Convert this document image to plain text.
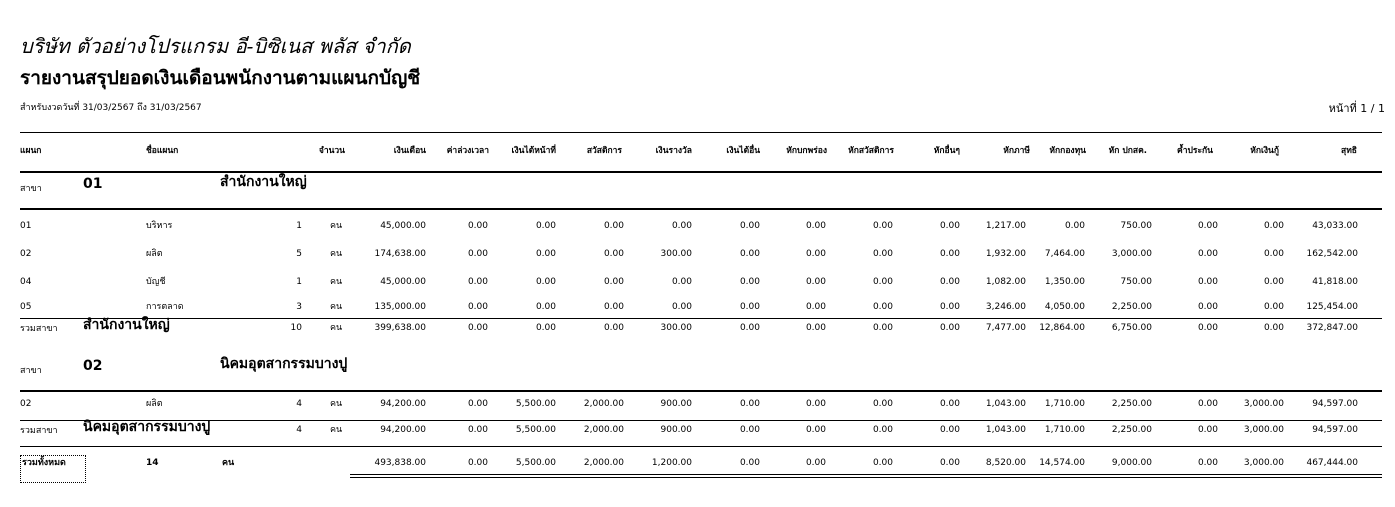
บริษัท ตัวอย่างโปรแกรม อี-บิซิเนส พลัส จำกัด
รายงานสรุปยอดเงินเดือนพนักงานตามแผนกบัญชี
สำหรับงวดวันที่ 31/03/2567 ถึง 31/03/2567	หน้าที่ 1 / 1
แผนก	ชื่อแผนก	จำนวน	เงินเดือน	ค่าล่วงเวลา	เงินได้หน้าที่	สวัสดิการ	เงินรางวัล	เงินได้อื่น	หักบกพร่อง	หักสวัสดิการ	หักอื่นๆ	หักภาษี	หักกองทุน	หัก ปกสค.	ค้ำประกัน	หักเงินกู้	สุทธิ
สาขา	01	สำนักงานใหญ่
01	บริหาร	1	คน	45,000.00	0.00	0.00	0.00	0.00	0.00	0.00	0.00	0.00	1,217.00	0.00	750.00	0.00	0.00	43,033.00
02	ผลิต	5	คน	174,638.00	0.00	0.00	0.00	300.00	0.00	0.00	0.00	0.00	1,932.00	7,464.00	3,000.00	0.00	0.00	162,542.00
04	บัญชี	1	คน	45,000.00	0.00	0.00	0.00	0.00	0.00	0.00	0.00	0.00	1,082.00	1,350.00	750.00	0.00	0.00	41,818.00
05	การตลาด	3	คน	135,000.00	0.00	0.00	0.00	0.00	0.00	0.00	0.00	0.00	3,246.00	4,050.00	2,250.00	0.00	0.00	125,454.00
รวมสาขา สำนักงานใหญ่	10	คน	399,638.00	0.00	0.00	0.00	300.00	0.00	0.00	0.00	0.00	7,477.00	12,864.00	6,750.00	0.00	0.00	372,847.00
สาขา	02	นิคมอุตสากรรมบางปู
02	ผลิต	4	คน	94,200.00	0.00	5,500.00	2,000.00	900.00	0.00	0.00	0.00	0.00	1,043.00	1,710.00	2,250.00	0.00	3,000.00	94,597.00
รวมสาขา นิคมอุตสากรรมบางปู	4	คน	94,200.00	0.00	5,500.00	2,000.00	900.00	0.00	0.00	0.00	0.00	1,043.00	1,710.00	2,250.00	0.00	3,000.00	94,597.00
รวมทั้งหมด	14	คน	493,838.00	0.00	5,500.00	2,000.00	1,200.00	0.00	0.00	0.00	0.00	8,520.00	14,574.00	9,000.00	0.00	3,000.00	467,444.00
